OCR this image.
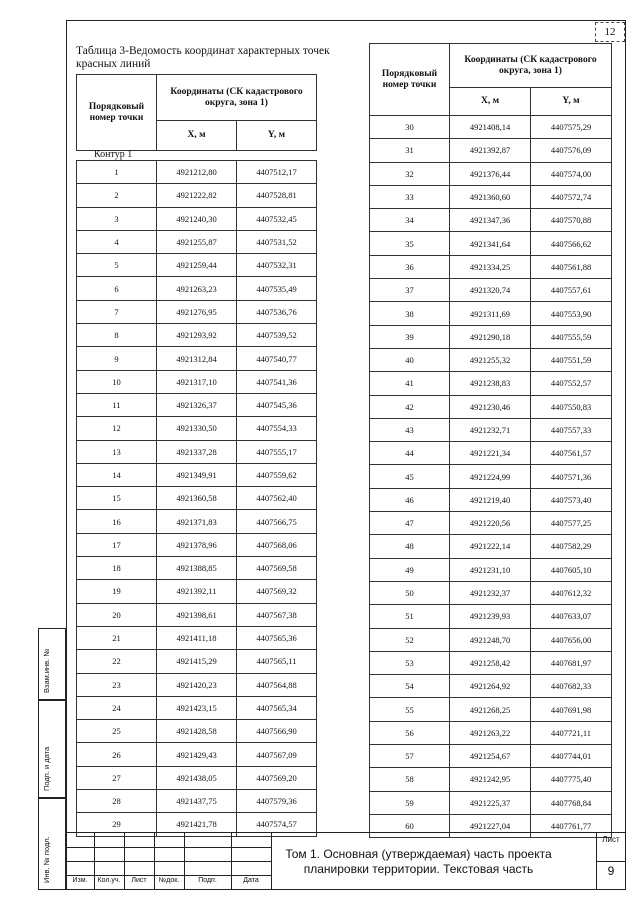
12
Таблица 3-Ведомость координат характерных точек красных линий
Порядковый номер точки	Координаты (СК кадастрового округа, зона 1)	
	X, м	Y, м
Контур 1
1	4921212,80	4407512,17
2	4921222,82	4407528,81
3	4921240,30	4407532,45
4	4921255,87	4407531,52
5	4921259,44	4407532,31
6	4921263,23	4407535,49
7	4921276,95	4407536,76
8	4921293,92	4407539,52
9	4921312,84	4407540,77
10	4921317,10	4407541,36
11	4921326,37	4407545,36
12	4921330,50	4407554,33
13	4921337,28	4407555,17
14	4921349,91	4407559,62
15	4921360,58	4407562,40
16	4921371,83	4407566,75
17	4921378,96	4407568,06
18	4921388,85	4407569,58
19	4921392,11	4407569,32
20	4921398,61	4407567,38
21	4921411,18	4407565,36
22	4921415,29	4407565,11
23	4921420,23	4407564,88
24	4921423,15	4407565,34
25	4921428,58	4407566,90
26	4921429,43	4407567,09
27	4921438,05	4407569,20
28	4921437,75	4407579,36
29	4921421,78	4407574,57
Порядковый номер точки	Координаты (СК кадастрового округа, зона 1)	
	X, м	Y, м
30	4921408,14	4407575,29
31	4921392,87	4407576,09
32	4921376,44	4407574,00
33	4921360,60	4407572,74
34	4921347,36	4407570,88
35	4921341,64	4407566,62
36	4921334,25	4407561,88
37	4921320,74	4407557,61
38	4921311,69	4407553,90
39	4921290,18	4407555,59
40	4921255,32	4407551,59
41	4921238,83	4407552,57
42	4921230,46	4407550,83
43	4921232,71	4407557,33
44	4921221,34	4407561,57
45	4921224,99	4407571,36
46	4921219,40	4407573,40
47	4921220,56	4407577,25
48	4921222,14	4407582,29
49	4921231,10	4407605,10
50	4921232,37	4407612,32
51	4921239,93	4407633,07
52	4921248,70	4407656,00
53	4921258,42	4407681,97
54	4921264,92	4407682,33
55	4921268,25	4407691,98
56	4921263,22	4407721,11
57	4921254,67	4407744,01
58	4921242,95	4407775,40
59	4921225,37	4407768,84
60	4921227,04	4407761,77
Взам.инв. №
Подп. и дата
Инв. № подл.	Изм.	Кол.уч.	Лист	№док.	Подп.	Дата
Том 1. Основная (утверждаемая) часть проекта планировки территории. Текстовая часть
Лист
9
